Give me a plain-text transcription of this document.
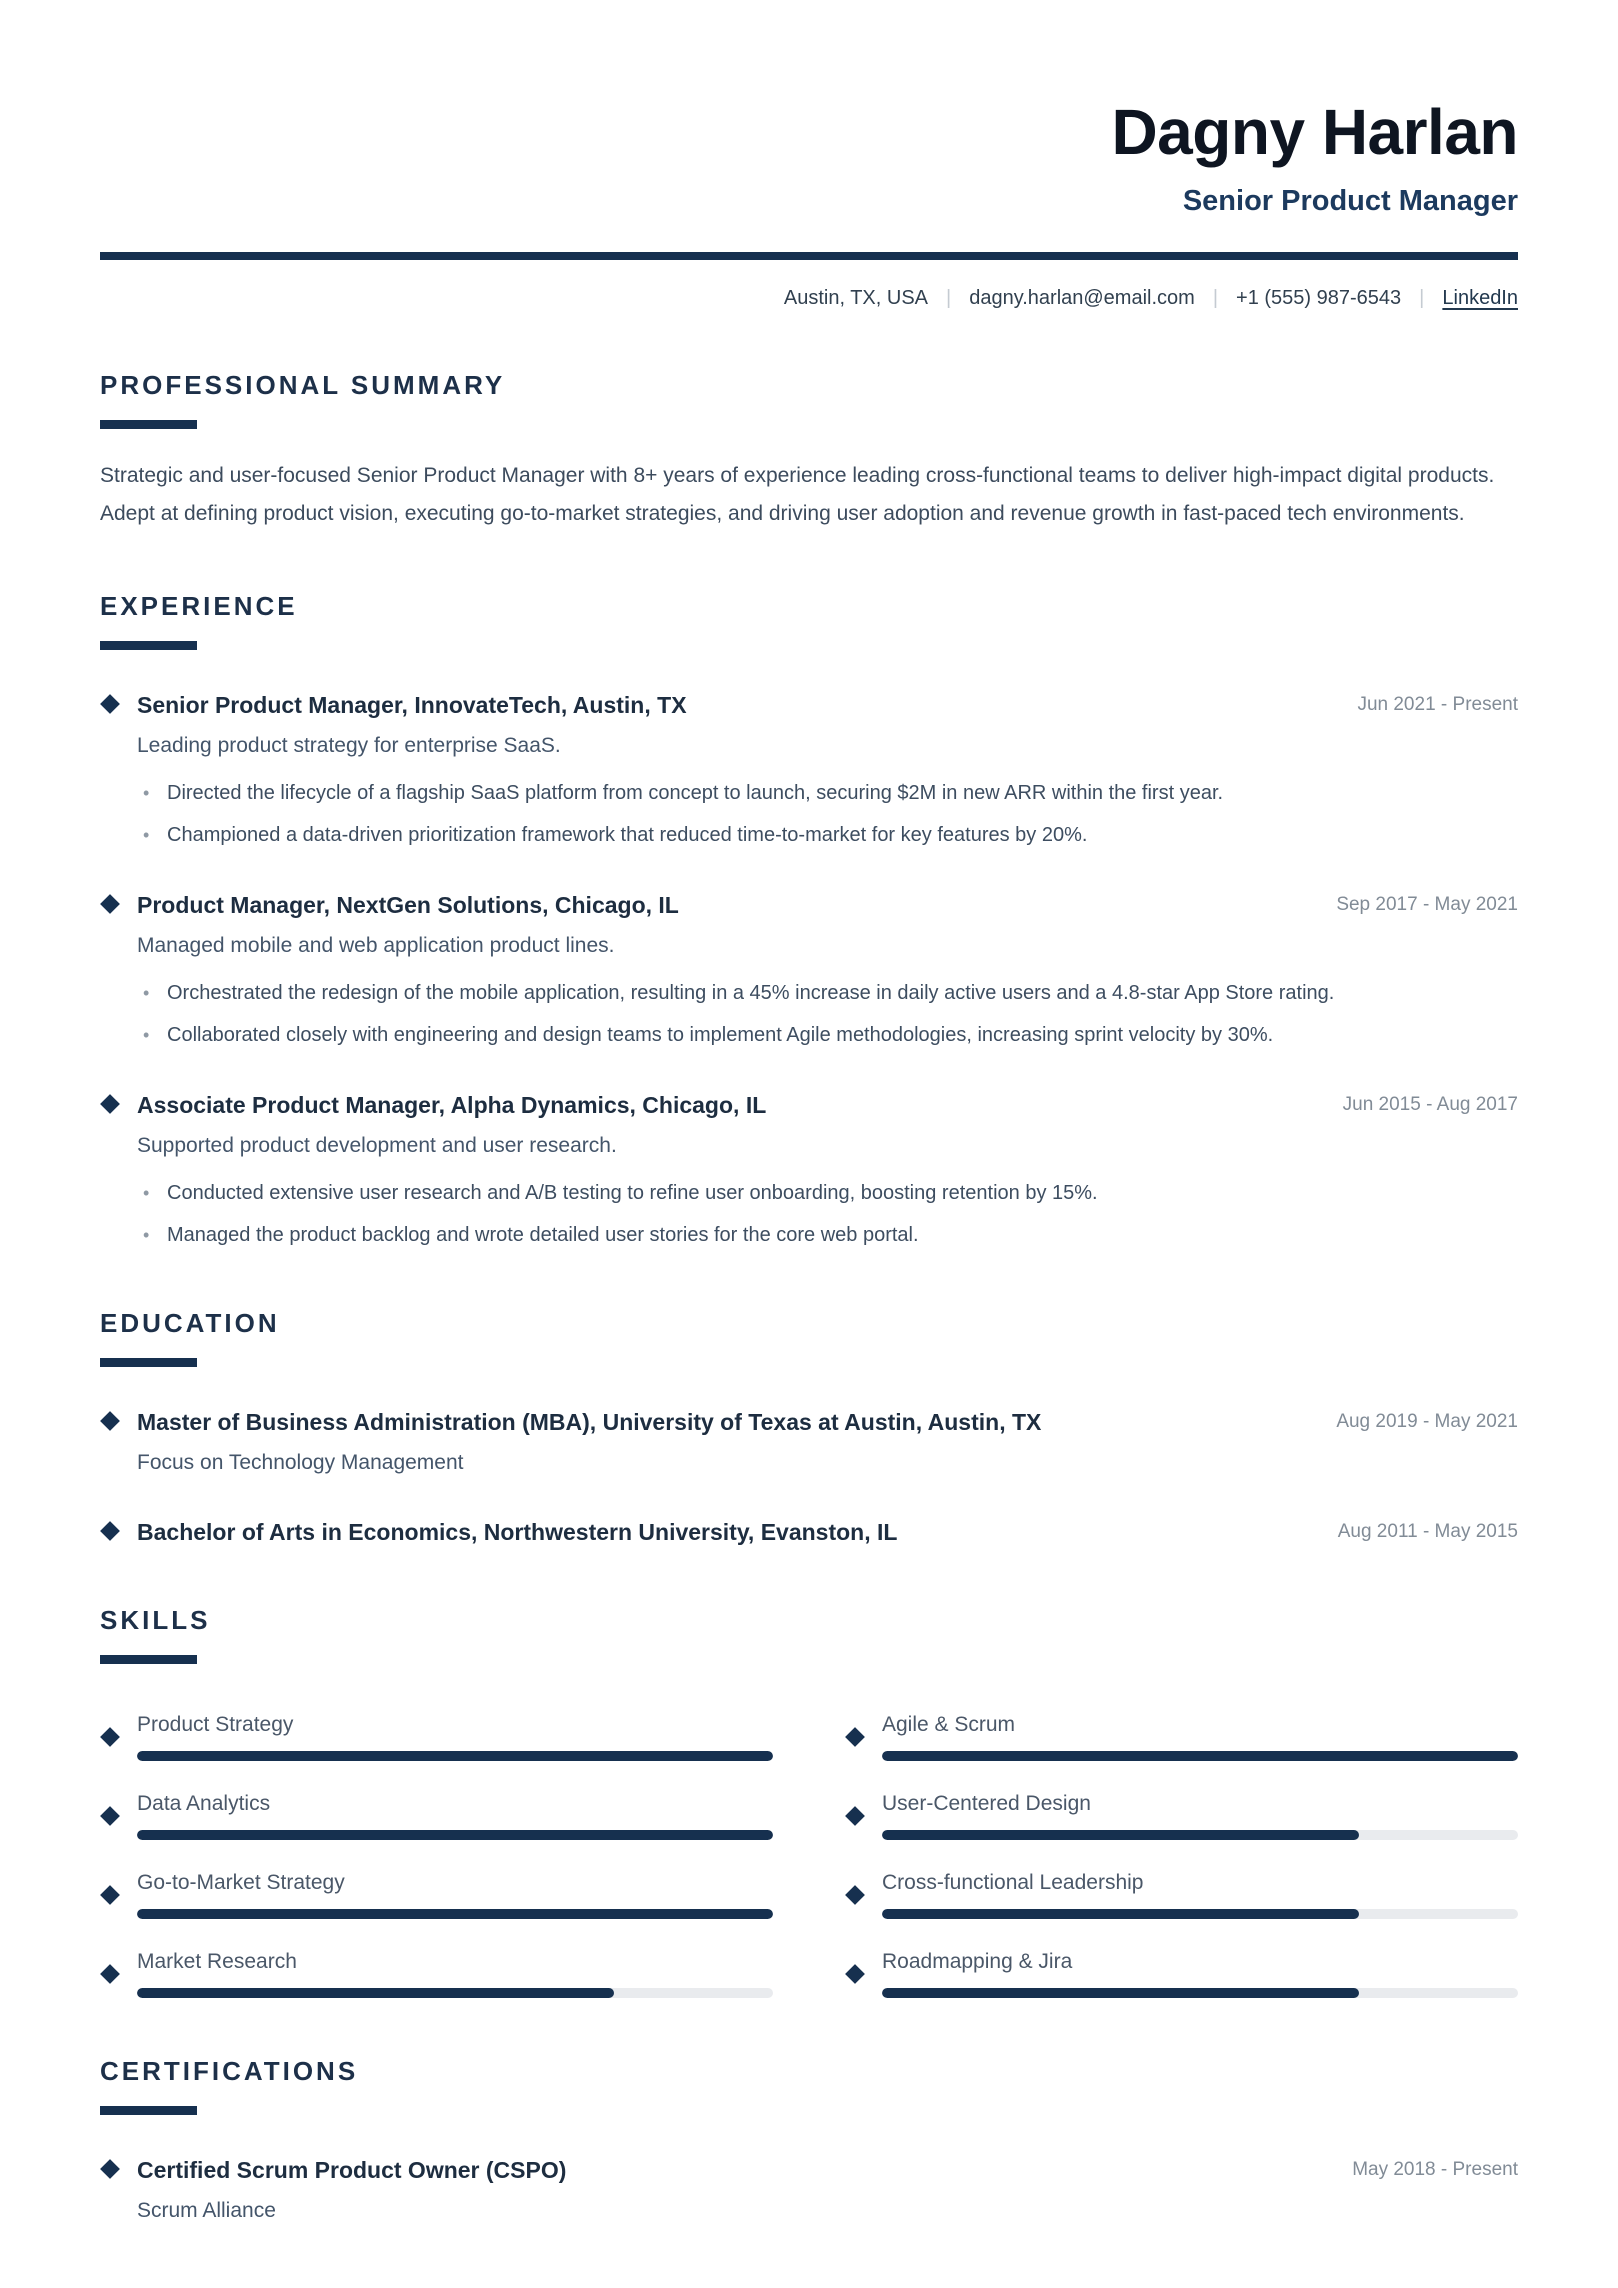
Dagny Harlan
Senior Product Manager
Austin, TX, USA | dagny.harlan@email.com | +1 (555) 987-6543 | LinkedIn
PROFESSIONAL SUMMARY

Strategic and user-focused Senior Product Manager with 8+ years of experience leading cross-functional teams to deliver high-impact digital products. Adept at defining product vision, executing go-to-market strategies, and driving user adoption and revenue growth in fast-paced tech environments.

EXPERIENCE
Senior Product Manager, InnovateTech, Austin, TX	Jun 2021 - Present
Leading product strategy for enterprise SaaS.
• Directed the lifecycle of a flagship SaaS platform from concept to launch, securing $2M in new ARR within the first year.
• Championed a data-driven prioritization framework that reduced time-to-market for key features by 20%.
Product Manager, NextGen Solutions, Chicago, IL	Sep 2017 - May 2021
Managed mobile and web application product lines.
• Orchestrated the redesign of the mobile application, resulting in a 45% increase in daily active users and a 4.8-star App Store rating.
• Collaborated closely with engineering and design teams to implement Agile methodologies, increasing sprint velocity by 30%.
Associate Product Manager, Alpha Dynamics, Chicago, IL	Jun 2015 - Aug 2017
Supported product development and user research.
• Conducted extensive user research and A/B testing to refine user onboarding, boosting retention by 15%.
• Managed the product backlog and wrote detailed user stories for the core web portal.
EDUCATION
Master of Business Administration (MBA), University of Texas at Austin, Austin, TX	Aug 2019 - May 2021
Focus on Technology Management
Bachelor of Arts in Economics, Northwestern University, Evanston, IL	Aug 2011 - May 2015
SKILLS
Product Strategy	Agile & Scrum
Data Analytics	User-Centered Design
Go-to-Market Strategy	Cross-functional Leadership
Market Research	Roadmapping & Jira
CERTIFICATIONS
Certified Scrum Product Owner (CSPO)	May 2018 - Present
Scrum Alliance
